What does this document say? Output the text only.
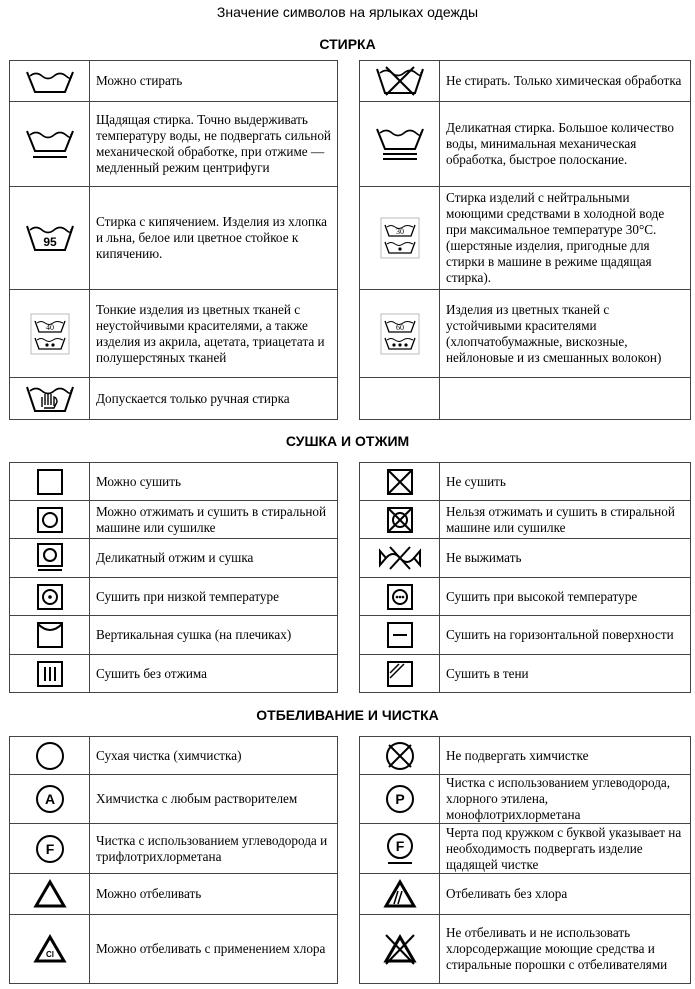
Значение символов на ярлыках одежды
СТИРКА
	Можно стирать

	Щадящая стирка. Точно выдерживать температуру воды, не подвергать сильной механической обработке, при отжиме — медленный режим центрифуги

95	Стирка с кипячением. Изделия из хлопка и льна, белое или цветное стойкое к кипячению.

40	Тонкие изделия из цветных тканей с неустойчивыми красителями, а также изделия из акрила, ацетата, триацетата и полушерстяных тканей

	Допускается только ручная стирка
	Не стирать. Только химическая обработка

	Деликатная стирка. Большое количество воды, минимальная механическая обработка, быстрое полоскание.

30	Стирка изделий с нейтральными моющими средствами в холодной воде при максимальное температуре 30°С. (шерстяные изделия, пригодные для стирки в машине в режиме щадящая стирка).

60	Изделия из цветных тканей с устойчивыми красителями (хлопчатобумажные, вискозные, нейлоновые и из смешанных волокон)

СУШКА И ОТЖИМ
	Можно сушить

	Можно отжимать и сушить в стиральной машине или сушилке

	Деликатный отжим и сушка

	Сушить при низкой температуре

	Вертикальная сушка (на плечиках)

	Сушить без отжима
	Не сушить

	Нельзя отжимать и сушить в стиральной машине или сушилке

	Не выжимать

	Сушить при высокой температуре

	Сушить на горизонтальной поверхности

	Сушить в тени
ОТБЕЛИВАНИЕ И ЧИСТКА
	Сухая чистка (химчистка)

A	Химчистка с любым растворителем

F	Чистка с использованием углеводорода и трифлотрихлорметана

	Можно отбеливать

Cl	Можно отбеливать с применением хлора
	Не подвергать химчистке

P	Чистка с использованием углеводорода, хлорного этилена, монофлотрихлорметана

F	Черта под кружком с буквой указывает на необходимость подвергать изделие щадящей чистке

	Отбеливать без хлора

	Не отбеливать и не использовать хлорсодержащие моющие средства и стиральные порошки с отбеливателями
